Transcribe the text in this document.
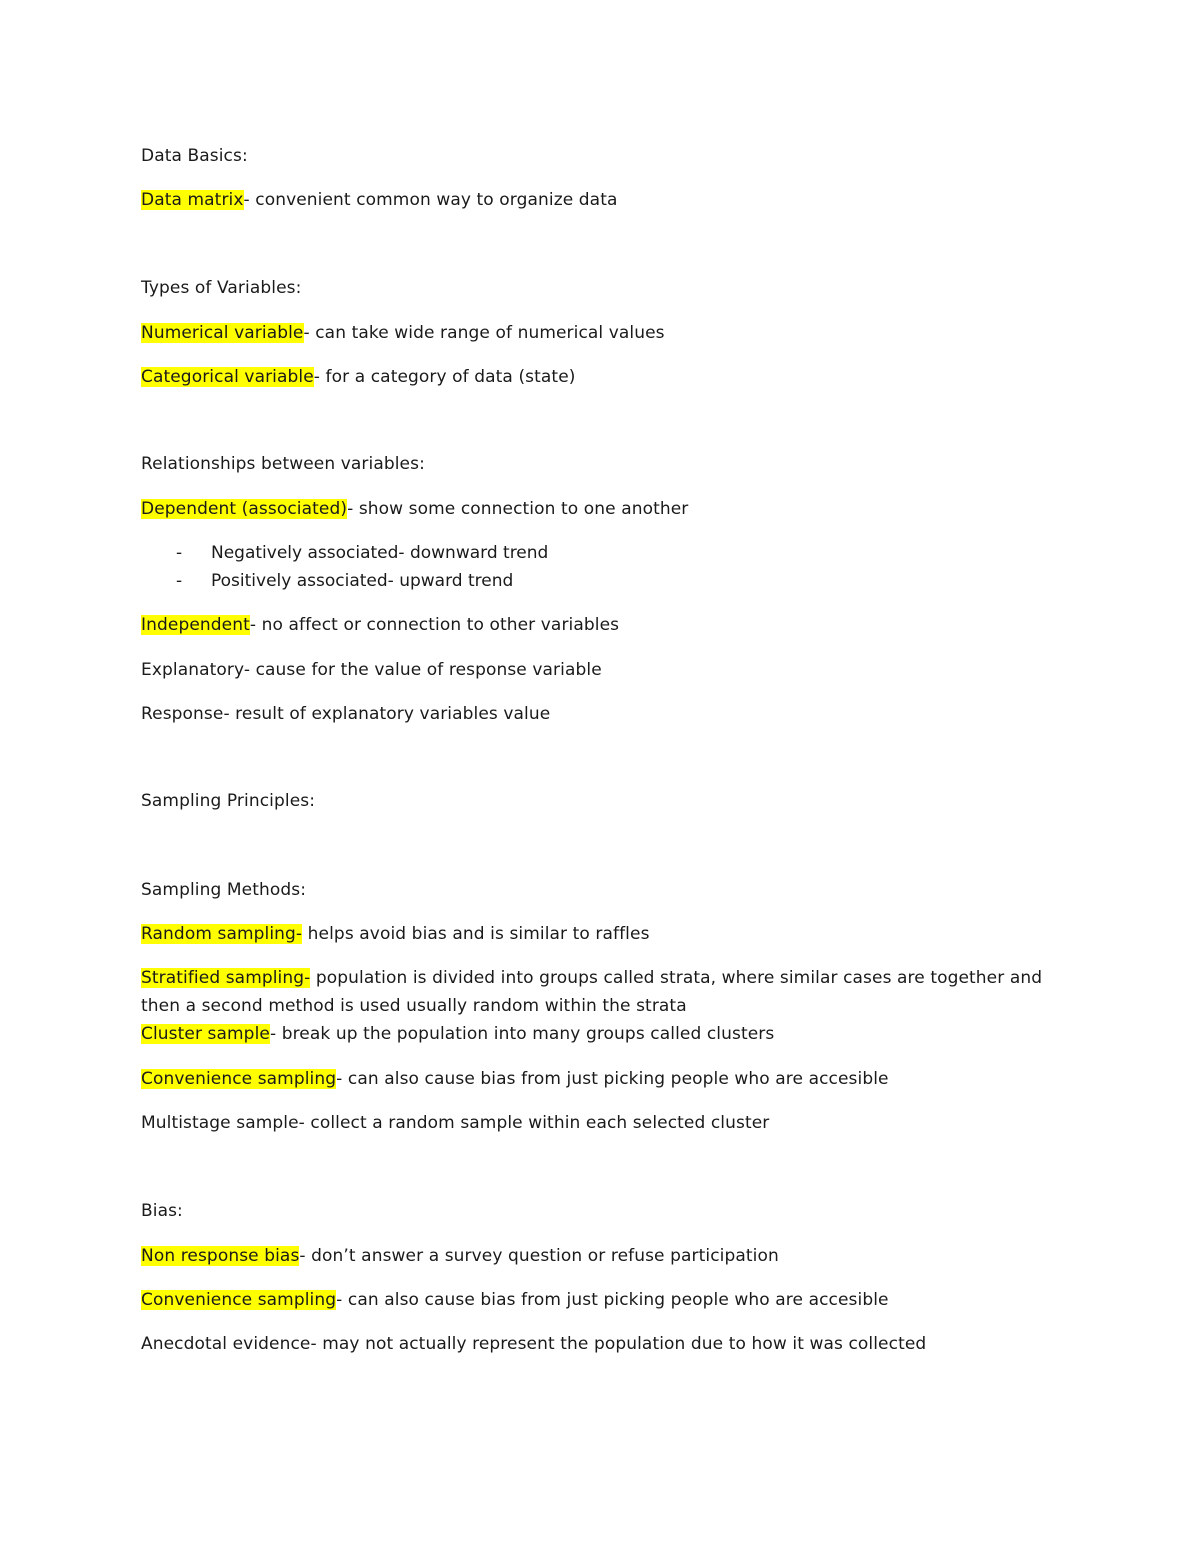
Data Basics:
Data matrix- convenient common way to organize data
Types of Variables:
Numerical variable- can take wide range of numerical values
Categorical variable- for a category of data (state)
Relationships between variables:
Dependent (associated)- show some connection to one another
- Negatively associated- downward trend
- Positively associated- upward trend
Independent- no affect or connection to other variables
Explanatory- cause for the value of response variable
Response- result of explanatory variables value
Sampling Principles:
Sampling Methods:
Random sampling- helps avoid bias and is similar to raffles
Stratified sampling- population is divided into groups called strata, where similar cases are together and
then a second method is used usually random within the strata
Cluster sample- break up the population into many groups called clusters
Convenience sampling- can also cause bias from just picking people who are accesible
Multistage sample- collect a random sample within each selected cluster
Bias:
Non response bias- don’t answer a survey question or refuse participation
Convenience sampling- can also cause bias from just picking people who are accesible
Anecdotal evidence- may not actually represent the population due to how it was collected
